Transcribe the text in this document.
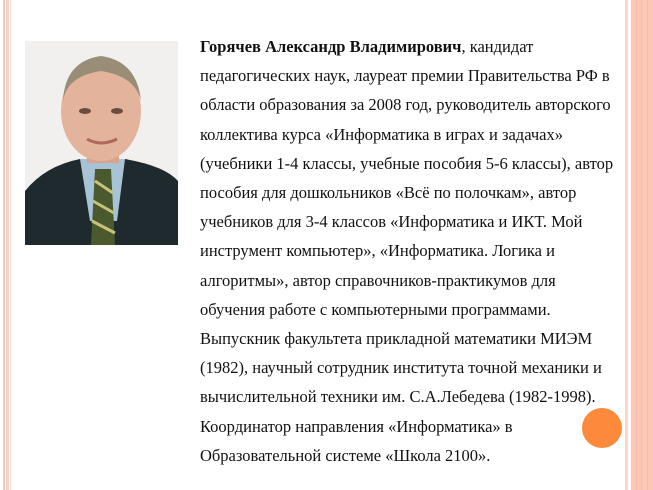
Горячев Александр Владимирович, кандидат
педагогических наук, лауреат премии Правительства РФ в
области образования за 2008 год, руководитель авторского
коллектива курса «Информатика в играх и задачах»
(учебники 1-4 классы, учебные пособия 5-6 классы), автор
пособия для дошкольников «Всё по полочкам», автор
учебников для 3-4 классов «Информатика и ИКТ. Мой
инструмент компьютер», «Информатика. Логика и
алгоритмы», автор справочников-практикумов для
обучения работе с компьютерными программами.
Выпускник факультета прикладной математики МИЭМ
(1982), научный сотрудник института точной механики и
вычислительной техники им. С.А.Лебедева (1982-1998).
Координатор направления «Информатика» в
Образовательной системе «Школа 2100».
